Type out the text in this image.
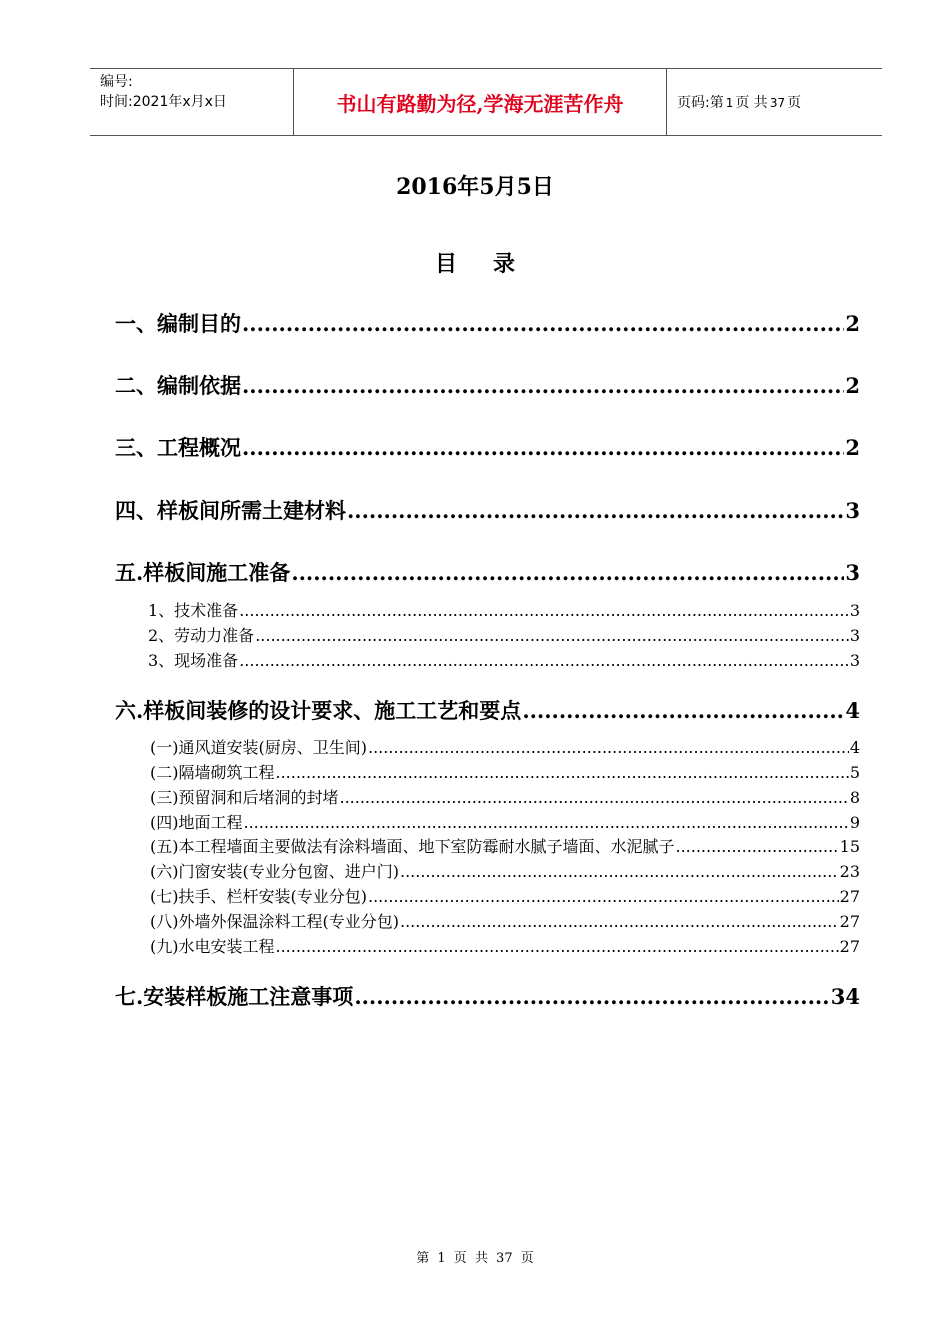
编号:
时间:2021年x月x日	书山有路勤为径,学海无涯苦作舟	页码:第 1 页 共 37 页
2016年5月5日
目录
一、编制目的 .....	2
二、编制依据 .....	2
三、工程概况 .....	2
四、样板间所需土建材料 .....	3
五.样板间施工准备 .....	3
1、技术准备 .....	3
2、劳动力准备 .....	3
3、现场准备 .....	3
六.样板间装修的设计要求、施工工艺和要点 .....	4
(一)通风道安装(厨房、卫生间) .....	4
(二)隔墙砌筑工程 .....	5
(三)预留洞和后堵洞的封堵 .....	8
(四)地面工程 .....	9
(五)本工程墙面主要做法有涂料墙面、地下室防霉耐水腻子墙面、水泥腻子 .....	15
(六)门窗安装(专业分包窗、进户门) .....	23
(七)扶手、栏杆安装(专业分包) .....	27
(八)外墙外保温涂料工程(专业分包) .....	27
(九)水电安装工程 .....	27
七.安装样板施工注意事项 .....	34
第 1 页 共 37 页
